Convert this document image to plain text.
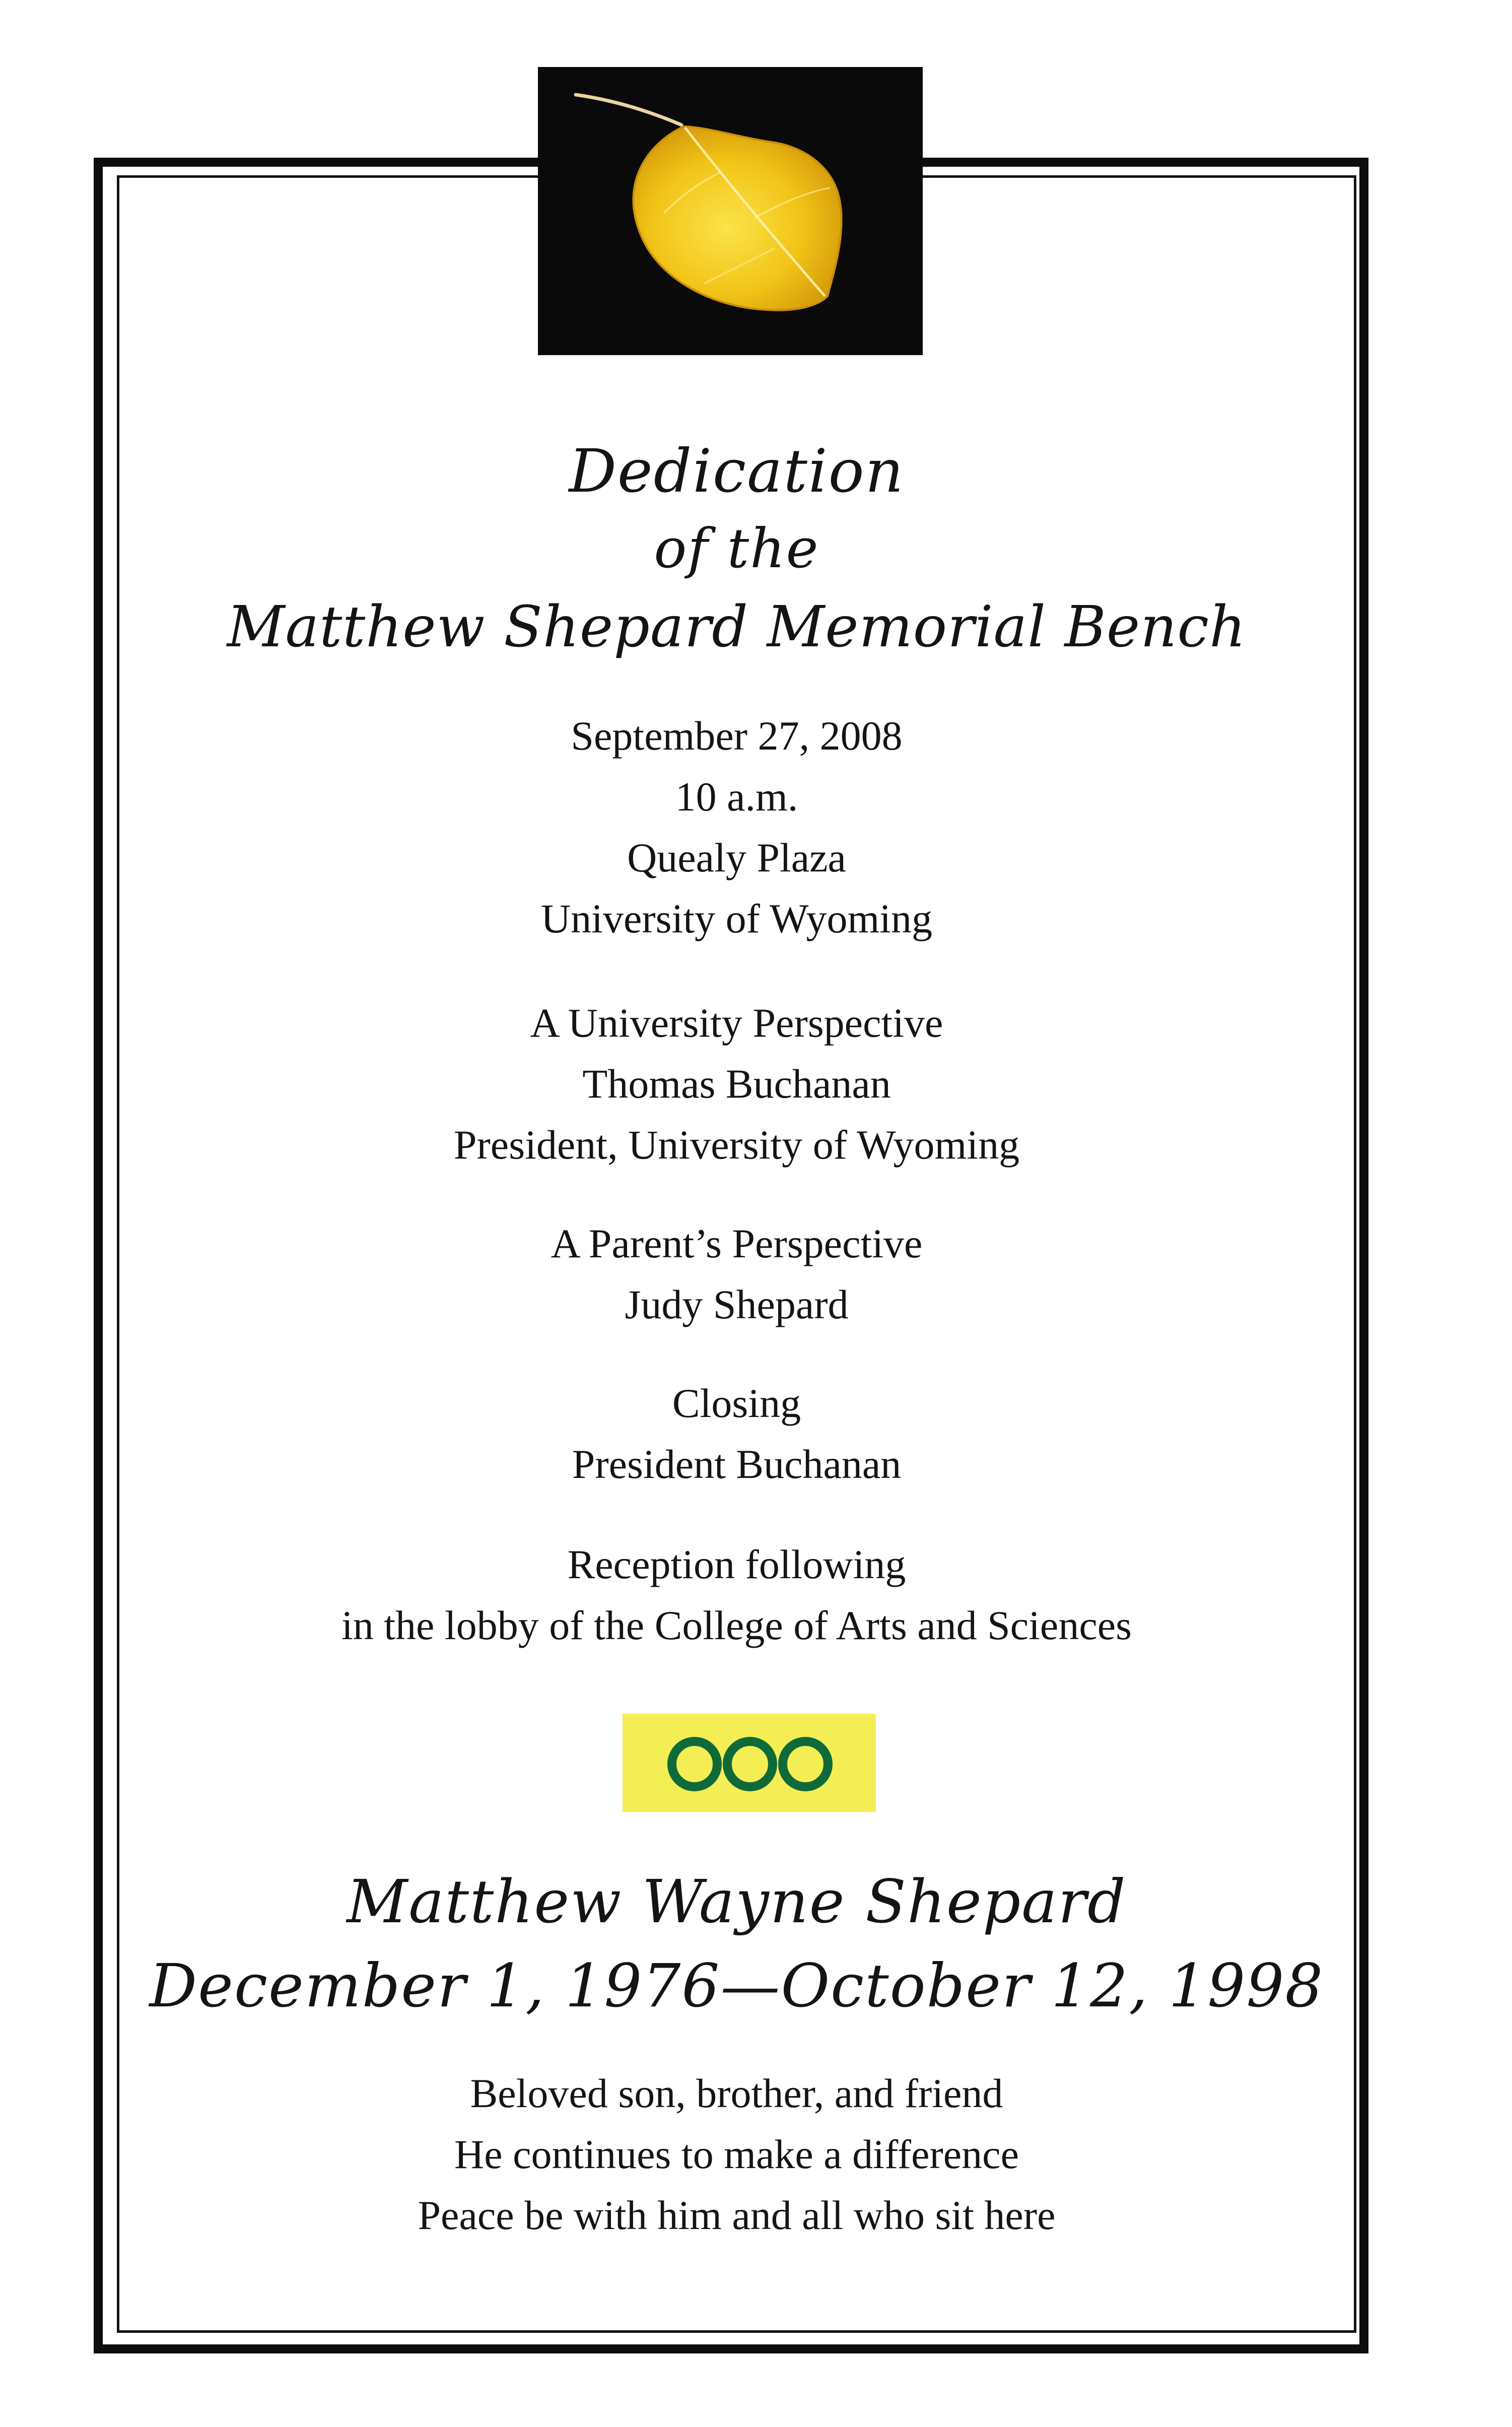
Dedication
of the
Matthew Shepard Memorial Bench
September 27, 2008
10 a.m.
Quealy Plaza
University of Wyoming
A University Perspective
Thomas Buchanan
President, University of Wyoming
A Parent’s Perspective
Judy Shepard
Closing
President Buchanan
Reception following
in the lobby of the College of Arts and Sciences
Matthew Wayne Shepard
December 1, 1976—October 12, 1998
Beloved son, brother, and friend
He continues to make a difference
Peace be with him and all who sit here
